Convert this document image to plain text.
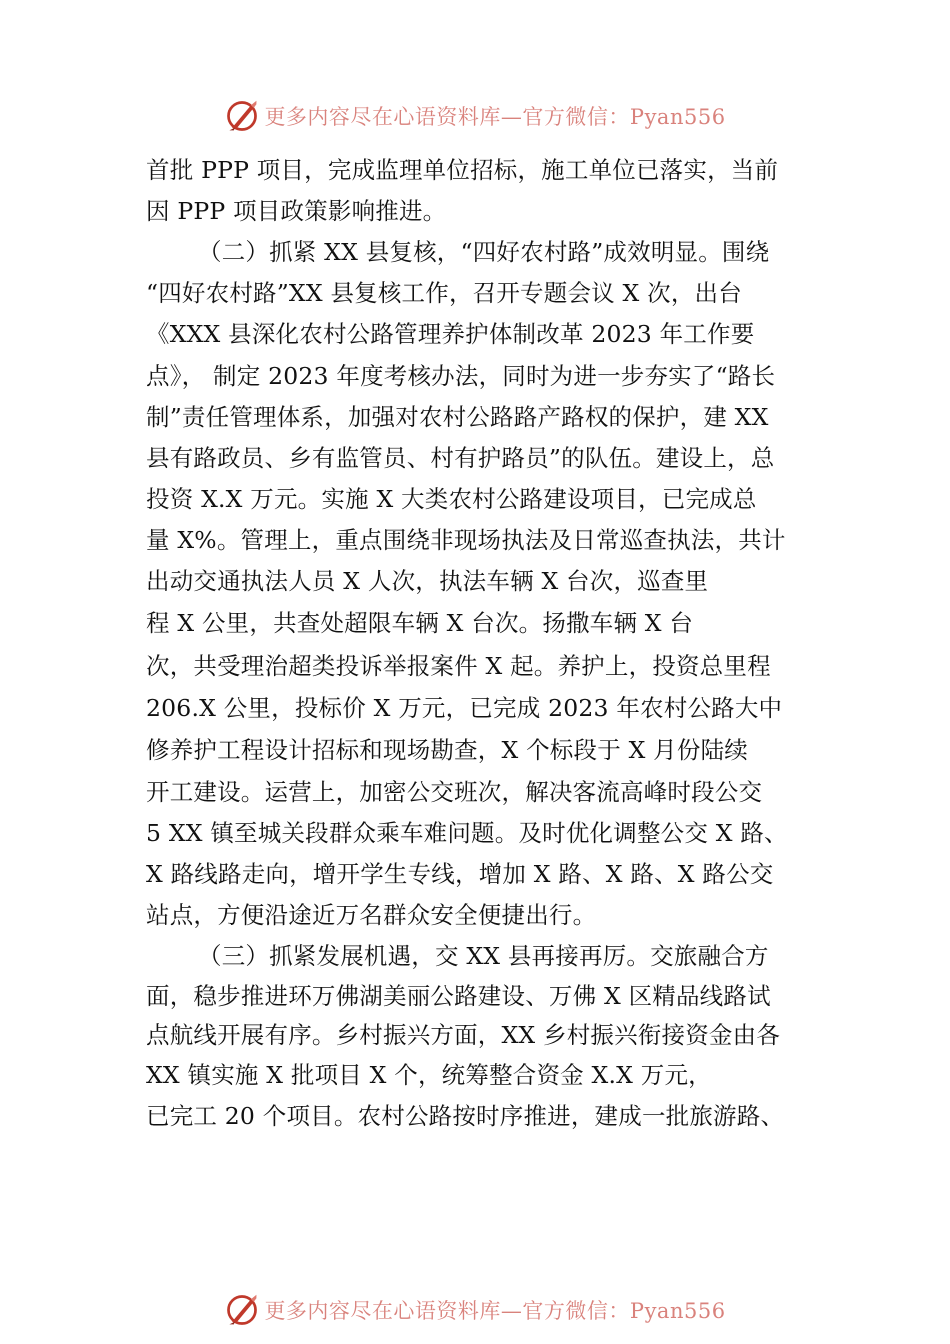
更多内容尽在心语资料库—官方微信：Pyan556
首批 PPP 项目，完成监理单位招标，施工单位已落实，当前
因 PPP 项目政策影响推进。
（二）抓紧 XX 县复核，“四好农村路”成效明显。围绕
“四好农村路”XX 县复核工作，召开专题会议 X 次，出台
《XXX 县深化农村公路管理养护体制改革 2023 年工作要
点》， 制定 2023 年度考核办法，同时为进一步夯实了“路长
制”责任管理体系，加强对农村公路路产路权的保护，建 XX
县有路政员、乡有监管员、村有护路员”的队伍。建设上，总
投资 X.X 万元。实施 X 大类农村公路建设项目，已完成总
量 X%。管理上，重点围绕非现场执法及日常巡查执法，共计
出动交通执法人员 X 人次，执法车辆 X 台次，巡查里
程 X 公里，共查处超限车辆 X 台次。扬撒车辆 X 台
次，共受理治超类投诉举报案件 X 起。养护上，投资总里程
206.X 公里，投标价 X 万元，已完成 2023 年农村公路大中
修养护工程设计招标和现场勘查，X 个标段于 X 月份陆续
开工建设。运营上，加密公交班次，解决客流高峰时段公交
5 XX 镇至城关段群众乘车难问题。及时优化调整公交 X 路、
X 路线路走向，增开学生专线，增加 X 路、X 路、X 路公交
站点，方便沿途近万名群众安全便捷出行。
（三）抓紧发展机遇，交 XX 县再接再厉。交旅融合方
面，稳步推进环万佛湖美丽公路建设、万佛 X 区精品线路试
点航线开展有序。乡村振兴方面，XX 乡村振兴衔接资金由各
XX 镇实施 X 批项目 X 个，统筹整合资金 X.X 万元，
已完工 20 个项目。农村公路按时序推进，建成一批旅游路、
更多内容尽在心语资料库—官方微信：Pyan556
